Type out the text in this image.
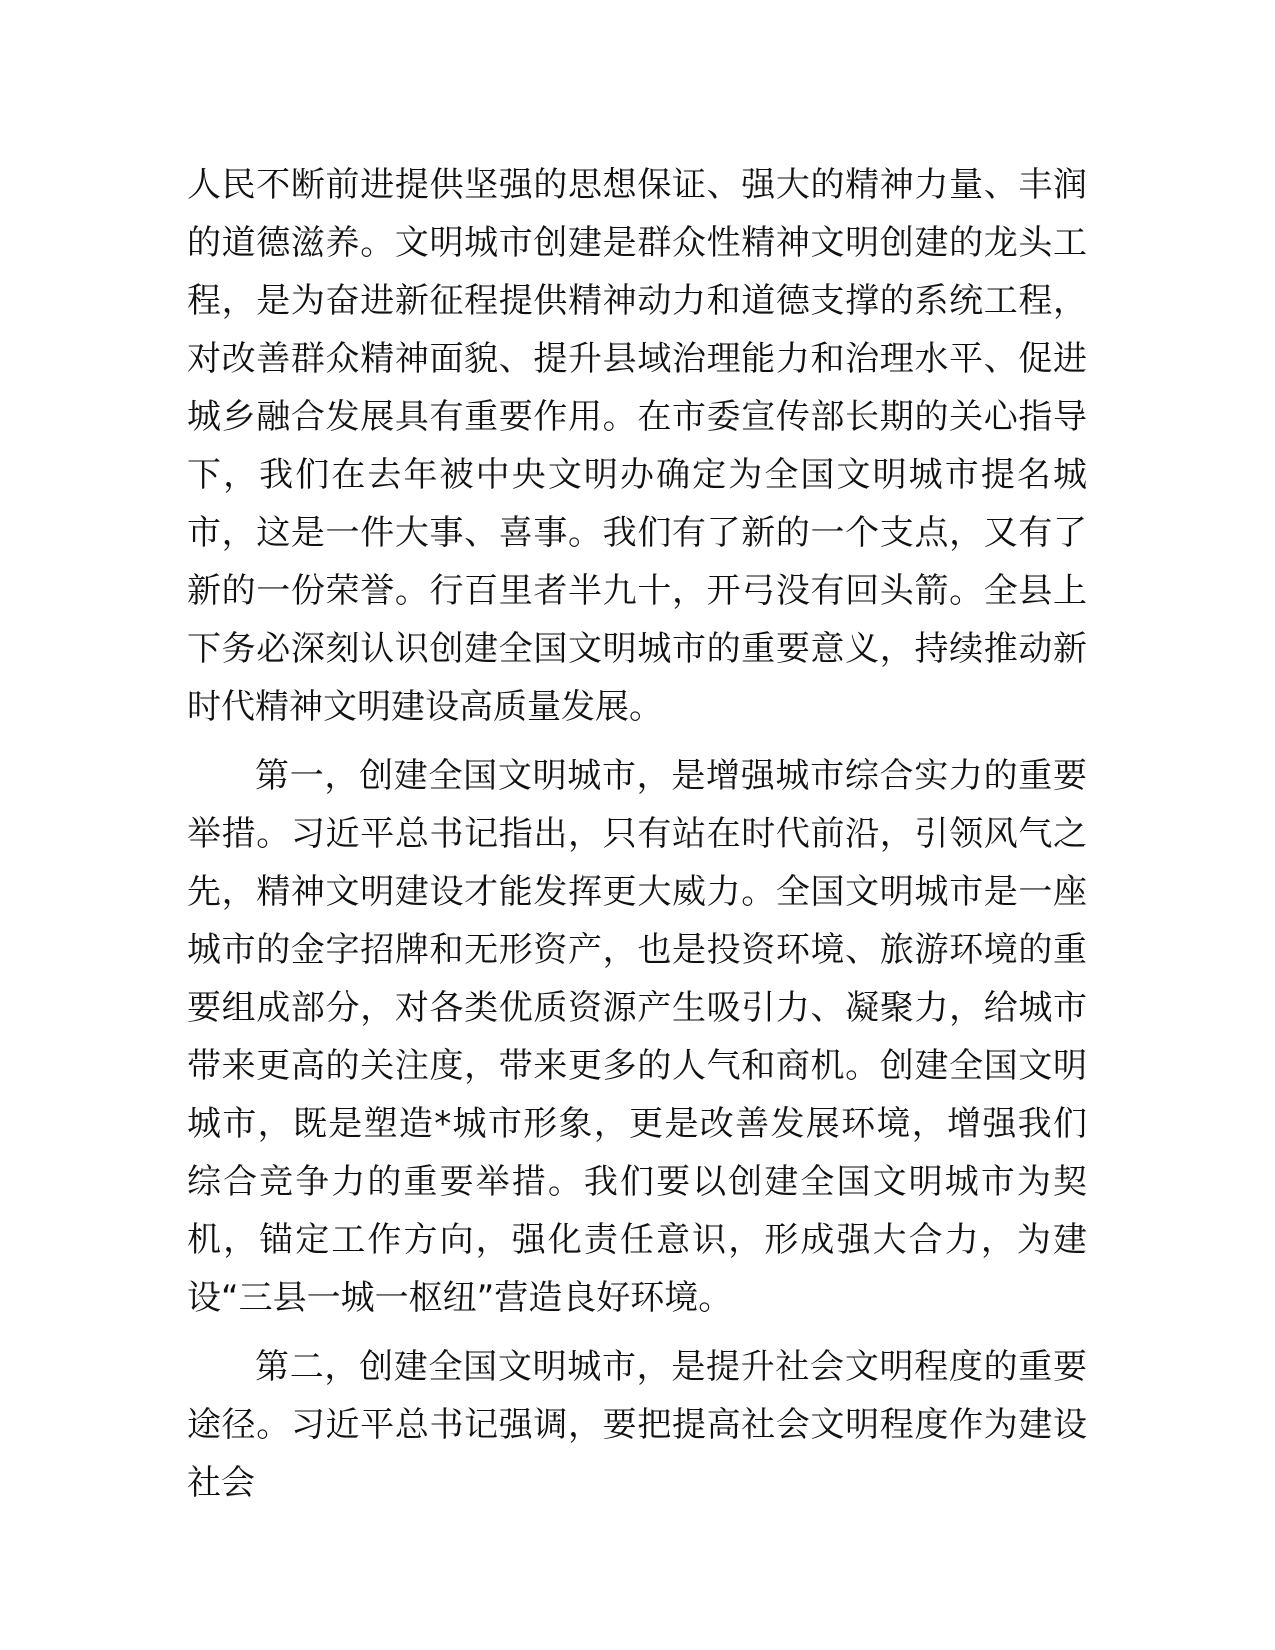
人民不断前进提供坚强的思想保证、强大的精神力量、丰润的道德滋养。文明城市创建是群众性精神文明创建的龙头工程，是为奋进新征程提供精神动力和道德支撑的系统工程，对改善群众精神面貌、提升县域治理能力和治理水平、促进城乡融合发展具有重要作用。在市委宣传部长期的关心指导下，我们在去年被中央文明办确定为全国文明城市提名城市，这是一件大事、喜事。我们有了新的一个支点，又有了新的一份荣誉。行百里者半九十，开弓没有回头箭。全县上下务必深刻认识创建全国文明城市的重要意义，持续推动新时代精神文明建设高质量发展。

第一，创建全国文明城市，是增强城市综合实力的重要举措。习近平总书记指出，只有站在时代前沿，引领风气之先，精神文明建设才能发挥更大威力。全国文明城市是一座城市的金字招牌和无形资产，也是投资环境、旅游环境的重要组成部分，对各类优质资源产生吸引力、凝聚力，给城市带来更高的关注度，带来更多的人气和商机。创建全国文明城市，既是塑造*城市形象，更是改善发展环境，增强我们综合竞争力的重要举措。我们要以创建全国文明城市为契机，锚定工作方向，强化责任意识，形成强大合力，为建设“三县一城一枢纽”营造良好环境。

第二，创建全国文明城市，是提升社会文明程度的重要途径。习近平总书记强调，要把提高社会文明程度作为建设社会
